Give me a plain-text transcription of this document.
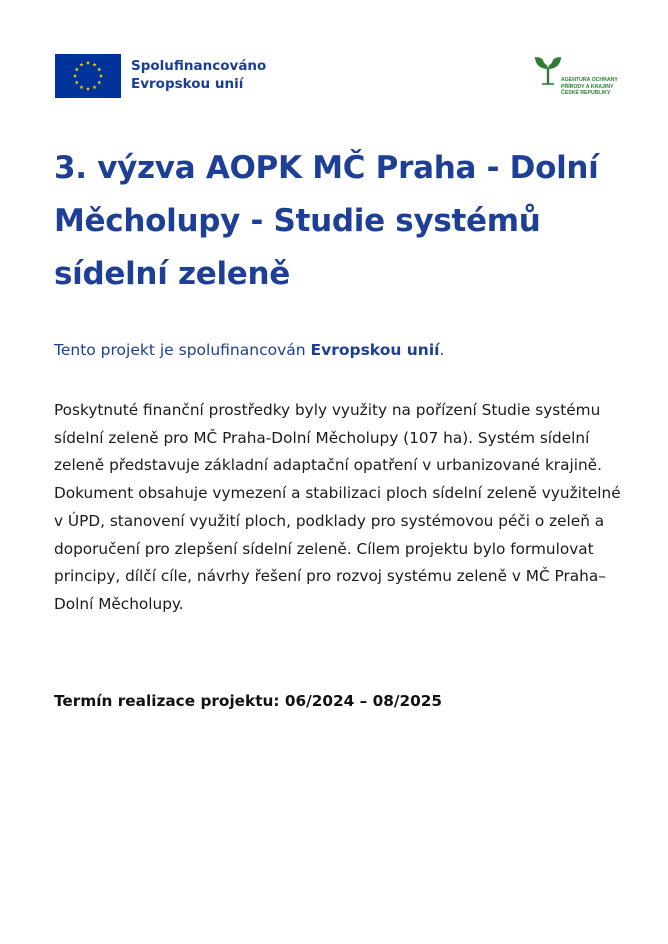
Spolufinancováno
Evropskou unií	AGENTURA OCHRANY
PŘÍRODY A KRAJINY
ČESKÉ REPUBLIKY
3. výzva AOPK MČ Praha - Dolní Měcholupy - Studie systémů sídelní zeleně

Tento projekt je spolufinancován Evropskou unií.

Poskytnuté finanční prostředky byly využity na pořízení Studie systému sídelní zeleně pro MČ Praha-Dolní Měcholupy (107 ha). Systém sídelní zeleně představuje základní adaptační opatření v urbanizované krajině. Dokument obsahuje vymezení a stabilizaci ploch sídelní zeleně využitelné v ÚPD, stanovení využití ploch, podklady pro systémovou péči o zeleň a doporučení pro zlepšení sídelní zeleně. Cílem projektu bylo formulovat principy, dílčí cíle, návrhy řešení pro rozvoj systému zeleně v MČ Praha–Dolní Měcholupy.

Termín realizace projektu: 06/2024 – 08/2025
